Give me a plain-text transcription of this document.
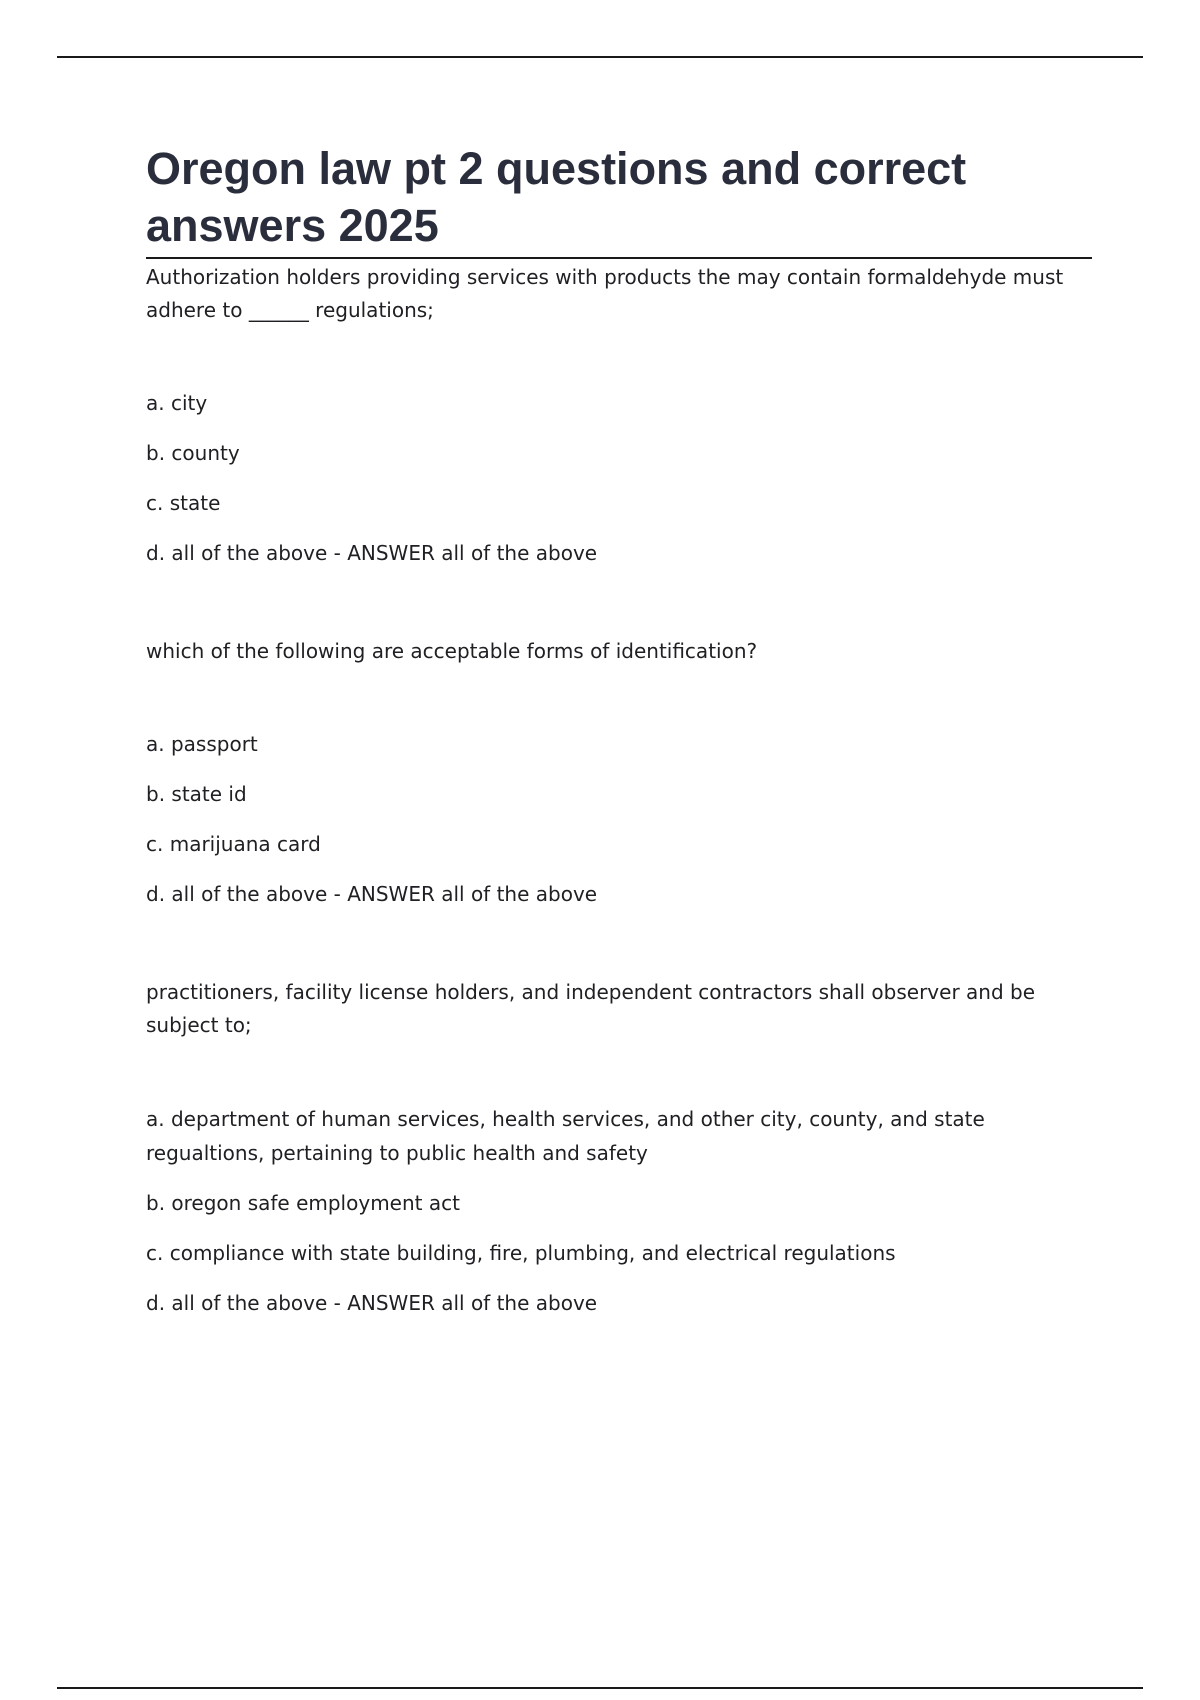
Oregon law pt 2 questions and correct answers 2025

Authorization holders providing services with products the may contain formaldehyde must adhere to ______ regulations;

a. city

b. county

c. state

d. all of the above - ANSWER all of the above

which of the following are acceptable forms of identification?

a. passport

b. state id

c. marijuana card

d. all of the above - ANSWER all of the above

practitioners, facility license holders, and independent contractors shall observer and be subject to;

a. department of human services, health services, and other city, county, and state regualtions, pertaining to public health and safety

b. oregon safe employment act

c. compliance with state building, fire, plumbing, and electrical regulations

d. all of the above - ANSWER all of the above
